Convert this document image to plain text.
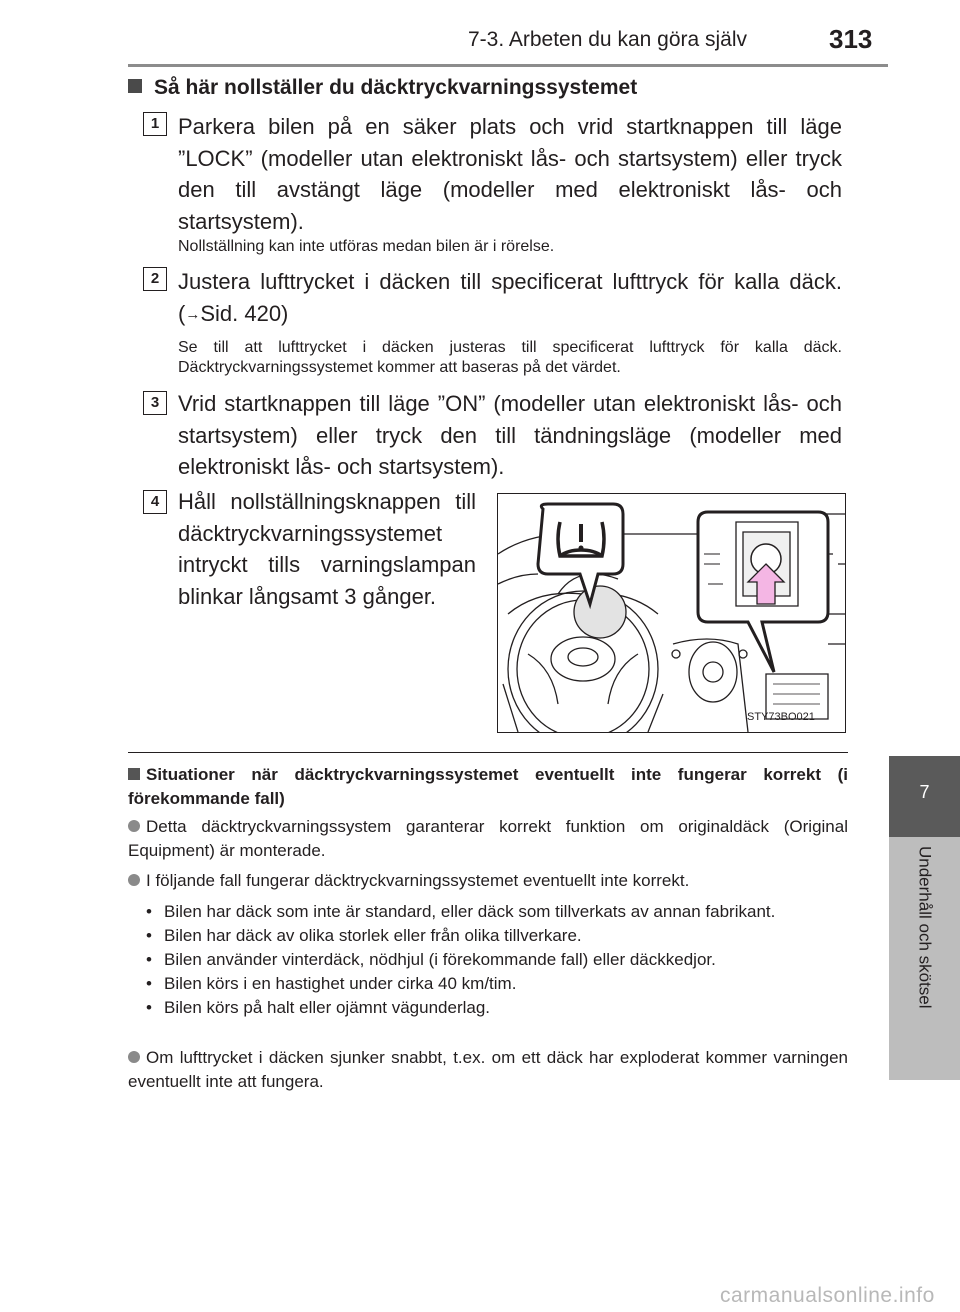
7-3. Arbeten du kan göra själv	313
7
Underhåll och skötsel
Så här nollställer du däcktryckvarningssystemet
1 Parkera bilen på en säker plats och vrid startknappen till läge ”LOCK” (modeller utan elektroniskt lås- och startsystem) eller tryck den till avstängt läge (modeller med elektroniskt lås- och startsystem).
Nollställning kan inte utföras medan bilen är i rörelse.
2 Justera lufttrycket i däcken till specificerat lufttryck för kalla däck. (→Sid. 420)
Se till att lufttrycket i däcken justeras till specificerat lufttryck för kalla däck. Däcktryckvarningssystemet kommer att baseras på det värdet.
3 Vrid startknappen till läge ”ON” (modeller utan elektroniskt lås- och startsystem) eller tryck den till tändningsläge (modeller med elektroniskt lås- och startsystem).
4 Håll nollställningsknappen till däcktryckvarningssystemet intryckt tills varningslampan blinkar långsamt 3 gånger.
STY73BO021
Situationer när däcktryckvarningssystemet eventuellt inte fungerar korrekt (i förekommande fall)
Detta däcktryckvarningssystem garanterar korrekt funktion om originaldäck (Original Equipment) är monterade.
I följande fall fungerar däcktryckvarningssystemet eventuellt inte korrekt.
• Bilen har däck som inte är standard, eller däck som tillverkats av annan fabrikant.
• Bilen har däck av olika storlek eller från olika tillverkare.
• Bilen använder vinterdäck, nödhjul (i förekommande fall) eller däckkedjor.
• Bilen körs i en hastighet under cirka 40 km/tim.
• Bilen körs på halt eller ojämnt vägunderlag.
Om lufttrycket i däcken sjunker snabbt, t.ex. om ett däck har exploderat kommer varningen eventuellt inte att fungera.
carmanualsonline.info
